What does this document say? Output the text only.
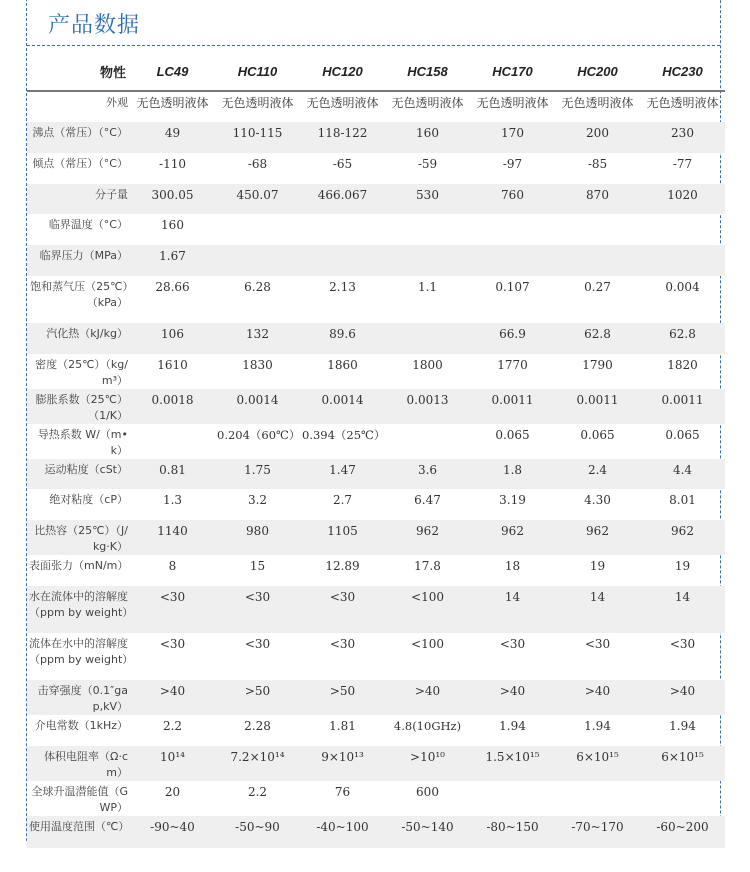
产品数据
物性	LC49	HC110	HC120	HC158	HC170	HC200	HC230
外观	无色透明液体	无色透明液体	无色透明液体	无色透明液体	无色透明液体	无色透明液体	无色透明液体
沸点（常压）（°C）	49	110-115	118-122	160	170	200	230
倾点（常压）（°C）	-110	-68	-65	-59	-97	-85	-77
分子量	300.05	450.07	466.067	530	760	870	1020
临界温度（°C）	160						
临界压力（MPa）	1.67						
饱和蒸气压（25℃）（kPa）	28.66	6.28	2.13	1.1	0.107	0.27	0.004
汽化热（kJ/kg）	106	132	89.6		66.9	62.8	62.8
密度（25℃）（kg/m³）	1610	1830	1860	1800	1770	1790	1820
膨胀系数（25℃）（1/K）	0.0018	0.0014	0.0014	0.0013	0.0011	0.0011	0.0011
导热系数 W/（m•k）		0.204（60℃）	0.394（25℃）		0.065	0.065	0.065
运动粘度（cSt）	0.81	1.75	1.47	3.6	1.8	2.4	4.4
绝对粘度（cP）	1.3	3.2	2.7	6.47	3.19	4.30	8.01
比热容（25℃）（J/kg·K）	1140	980	1105	962	962	962	962
表面张力（mN/m）	8	15	12.89	17.8	18	19	19
水在流体中的溶解度（ppm by weight）	<30	<30	<30	<100	14	14	14
流体在水中的溶解度（ppm by weight）	<30	<30	<30	<100	<30	<30	<30
击穿强度（0.1″gap,kV）	>40	>50	>50	>40	>40	>40	>40
介电常数（1kHz）	2.2	2.28	1.81	4.8(10GHz)	1.94	1.94	1.94
体积电阻率（Ω·cm）	10¹⁴	7.2×10¹⁴	9×10¹³	>10¹⁰	1.5×10¹⁵	6×10¹⁵	6×10¹⁵
全球升温潜能值（GWP）	20	2.2	76	600			
使用温度范围（℃）	-90~40	-50~90	-40~100	-50~140	-80~150	-70~170	-60~200
